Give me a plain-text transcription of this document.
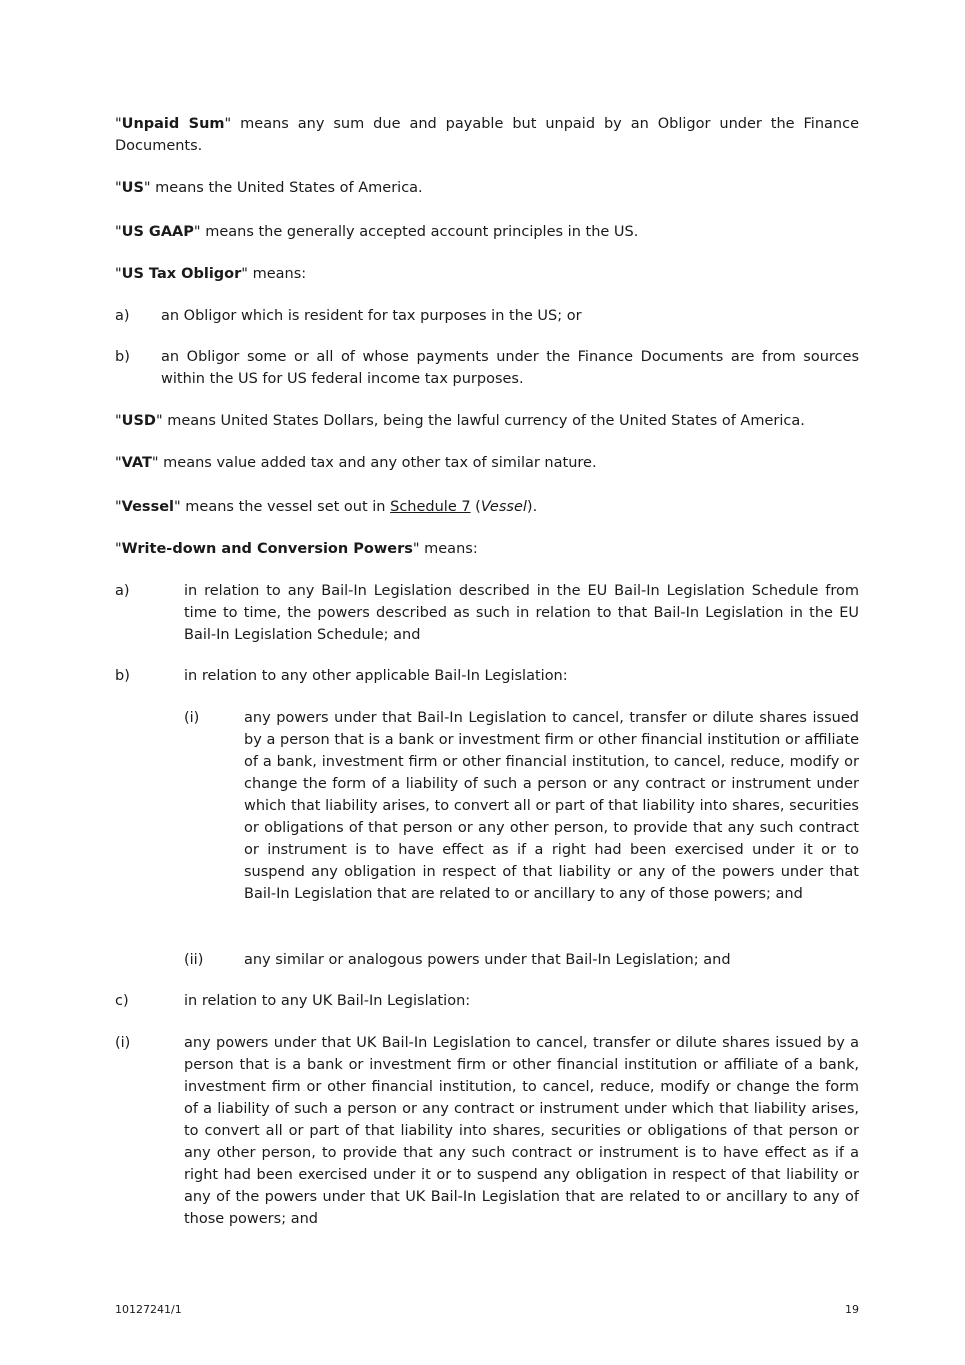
"Unpaid Sum" means any sum due and payable but unpaid by an Obligor under the Finance Documents.

"US" means the United States of America.

"US GAAP" means the generally accepted account principles in the US.

"US Tax Obligor" means:

a) an Obligor which is resident for tax purposes in the US; or
b) an Obligor some or all of whose payments under the Finance Documents are from sources within the US for US federal income tax purposes.

"USD" means United States Dollars, being the lawful currency of the United States of America.

"VAT" means value added tax and any other tax of similar nature.

"Vessel" means the vessel set out in Schedule 7 (Vessel).

"Write-down and Conversion Powers" means:

a)	in relation to any Bail-In Legislation described in the EU Bail-In Legislation Schedule from time to time, the powers described as such in relation to that Bail-In Legislation in the EU Bail-In Legislation Schedule; and
b)	in relation to any other applicable Bail-In Legislation:
(i)	any powers under that Bail-In Legislation to cancel, transfer or dilute shares issued by a person that is a bank or investment firm or other financial institution or affiliate of a bank, investment firm or other financial institution, to cancel, reduce, modify or change the form of a liability of such a person or any contract or instrument under which that liability arises, to convert all or part of that liability into shares, securities or obligations of that person or any other person, to provide that any such contract or instrument is to have effect as if a right had been exercised under it or to suspend any obligation in respect of that liability or any of the powers under that Bail-In Legislation that are related to or ancillary to any of those powers; and
(ii)	any similar or analogous powers under that Bail-In Legislation; and
c)	in relation to any UK Bail-In Legislation:
(i)	any powers under that UK Bail-In Legislation to cancel, transfer or dilute shares issued by a person that is a bank or investment firm or other financial institution or affiliate of a bank, investment firm or other financial institution, to cancel, reduce, modify or change the form of a liability of such a person or any contract or instrument under which that liability arises, to convert all or part of that liability into shares, securities or obligations of that person or any other person, to provide that any such contract or instrument is to have effect as if a right had been exercised under it or to suspend any obligation in respect of that liability or any of the powers under that UK Bail-In Legislation that are related to or ancillary to any of those powers; and
10127241/1	19
